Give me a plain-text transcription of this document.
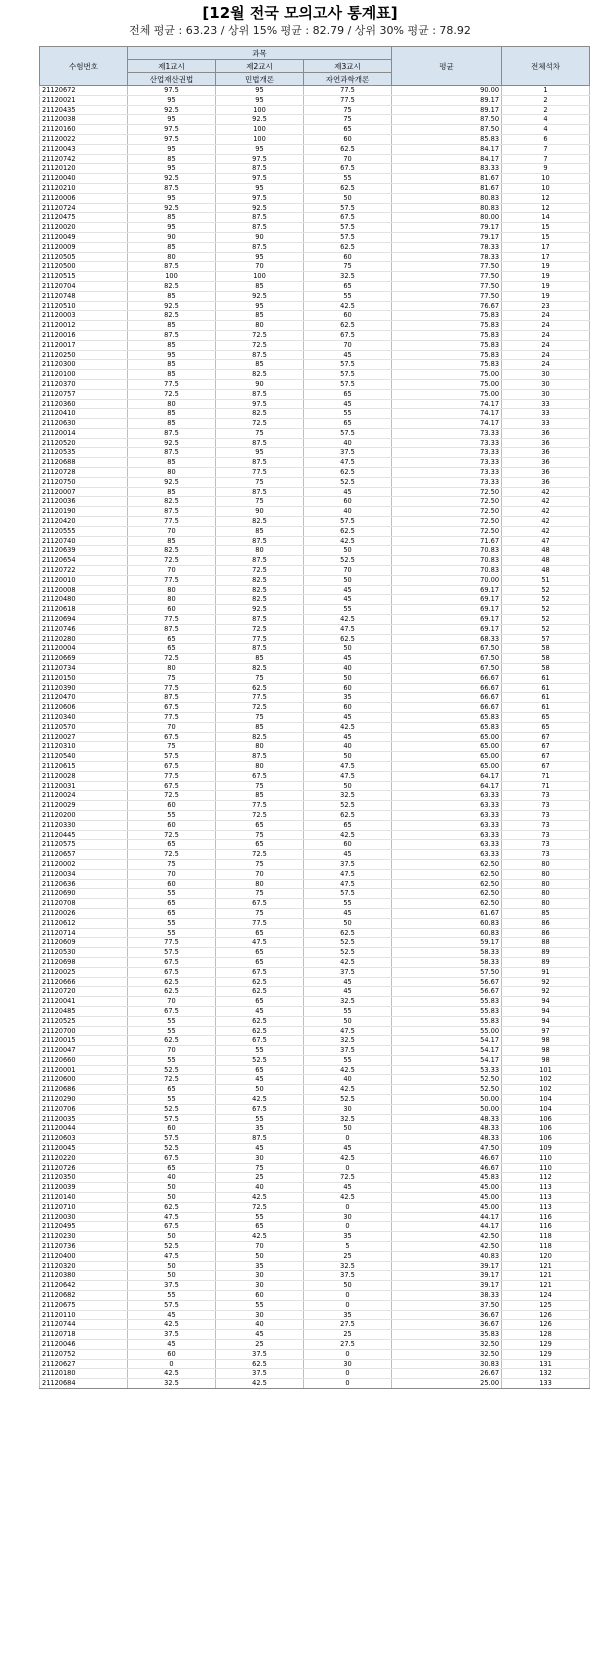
[12월 전국 모의고사 통계표]
전체 평균 : 63.23 / 상위 15% 평균 : 82.79 / 상위 30% 평균 : 78.92
수험번호	과목			평균	전체석차
	제1교시	제2교시	제3교시		
	산업재산권법	민법개론	자연과학개론		
21120672	97.5	95	77.5	90.00	1
21120021	95	95	77.5	89.17	2
21120435	92.5	100	75	89.17	2
21120038	95	92.5	75	87.50	4
21120160	97.5	100	65	87.50	4
21120022	97.5	100	60	85.83	6
21120043	95	95	62.5	84.17	7
21120742	85	97.5	70	84.17	7
21120120	95	87.5	67.5	83.33	9
21120040	92.5	97.5	55	81.67	10
21120210	87.5	95	62.5	81.67	10
21120006	95	97.5	50	80.83	12
21120724	92.5	92.5	57.5	80.83	12
21120475	85	87.5	67.5	80.00	14
21120020	95	87.5	57.5	79.17	15
21120049	90	90	57.5	79.17	15
21120009	85	87.5	62.5	78.33	17
21120505	80	95	60	78.33	17
21120500	87.5	70	75	77.50	19
21120515	100	100	32.5	77.50	19
21120704	82.5	85	65	77.50	19
21120748	85	92.5	55	77.50	19
21120510	92.5	95	42.5	76.67	23
21120003	82.5	85	60	75.83	24
21120012	85	80	62.5	75.83	24
21120016	87.5	72.5	67.5	75.83	24
21120017	85	72.5	70	75.83	24
21120250	95	87.5	45	75.83	24
21120300	85	85	57.5	75.83	24
21120100	85	82.5	57.5	75.00	30
21120370	77.5	90	57.5	75.00	30
21120757	72.5	87.5	65	75.00	30
21120360	80	97.5	45	74.17	33
21120410	85	82.5	55	74.17	33
21120630	85	72.5	65	74.17	33
21120014	87.5	75	57.5	73.33	36
21120520	92.5	87.5	40	73.33	36
21120535	87.5	95	37.5	73.33	36
21120688	85	87.5	47.5	73.33	36
21120728	80	77.5	62.5	73.33	36
21120750	92.5	75	52.5	73.33	36
21120007	85	87.5	45	72.50	42
21120036	82.5	75	60	72.50	42
21120190	87.5	90	40	72.50	42
21120420	77.5	82.5	57.5	72.50	42
21120555	70	85	62.5	72.50	42
21120740	85	87.5	42.5	71.67	47
21120639	82.5	80	50	70.83	48
21120654	72.5	87.5	52.5	70.83	48
21120722	70	72.5	70	70.83	48
21120010	77.5	82.5	50	70.00	51
21120008	80	82.5	45	69.17	52
21120480	80	82.5	45	69.17	52
21120618	60	92.5	55	69.17	52
21120694	77.5	87.5	42.5	69.17	52
21120746	87.5	72.5	47.5	69.17	52
21120280	65	77.5	62.5	68.33	57
21120004	65	87.5	50	67.50	58
21120669	72.5	85	45	67.50	58
21120734	80	82.5	40	67.50	58
21120150	75	75	50	66.67	61
21120390	77.5	62.5	60	66.67	61
21120470	87.5	77.5	35	66.67	61
21120606	67.5	72.5	60	66.67	61
21120340	77.5	75	45	65.83	65
21120570	70	85	42.5	65.83	65
21120027	67.5	82.5	45	65.00	67
21120310	75	80	40	65.00	67
21120540	57.5	87.5	50	65.00	67
21120615	67.5	80	47.5	65.00	67
21120028	77.5	67.5	47.5	64.17	71
21120031	67.5	75	50	64.17	71
21120024	72.5	85	32.5	63.33	73
21120029	60	77.5	52.5	63.33	73
21120200	55	72.5	62.5	63.33	73
21120330	60	65	65	63.33	73
21120445	72.5	75	42.5	63.33	73
21120575	65	65	60	63.33	73
21120657	72.5	72.5	45	63.33	73
21120002	75	75	37.5	62.50	80
21120034	70	70	47.5	62.50	80
21120636	60	80	47.5	62.50	80
21120690	55	75	57.5	62.50	80
21120708	65	67.5	55	62.50	80
21120026	65	75	45	61.67	85
21120612	55	77.5	50	60.83	86
21120714	55	65	62.5	60.83	86
21120609	77.5	47.5	52.5	59.17	88
21120530	57.5	65	52.5	58.33	89
21120698	67.5	65	42.5	58.33	89
21120025	67.5	67.5	37.5	57.50	91
21120666	62.5	62.5	45	56.67	92
21120720	62.5	62.5	45	56.67	92
21120041	70	65	32.5	55.83	94
21120485	67.5	45	55	55.83	94
21120525	55	62.5	50	55.83	94
21120700	55	62.5	47.5	55.00	97
21120015	62.5	67.5	32.5	54.17	98
21120047	70	55	37.5	54.17	98
21120660	55	52.5	55	54.17	98
21120001	52.5	65	42.5	53.33	101
21120600	72.5	45	40	52.50	102
21120686	65	50	42.5	52.50	102
21120290	55	42.5	52.5	50.00	104
21120706	52.5	67.5	30	50.00	104
21120035	57.5	55	32.5	48.33	106
21120044	60	35	50	48.33	106
21120603	57.5	87.5	0	48.33	106
21120045	52.5	45	45	47.50	109
21120220	67.5	30	42.5	46.67	110
21120726	65	75	0	46.67	110
21120350	40	25	72.5	45.83	112
21120039	50	40	45	45.00	113
21120140	50	42.5	42.5	45.00	113
21120710	62.5	72.5	0	45.00	113
21120030	47.5	55	30	44.17	116
21120495	67.5	65	0	44.17	116
21120230	50	42.5	35	42.50	118
21120736	52.5	70	5	42.50	118
21120400	47.5	50	25	40.83	120
21120320	50	35	32.5	39.17	121
21120380	50	30	37.5	39.17	121
21120642	37.5	30	50	39.17	121
21120682	55	60	0	38.33	124
21120675	57.5	55	0	37.50	125
21120110	45	30	35	36.67	126
21120744	42.5	40	27.5	36.67	126
21120718	37.5	45	25	35.83	128
21120046	45	25	27.5	32.50	129
21120752	60	37.5	0	32.50	129
21120627	0	62.5	30	30.83	131
21120180	42.5	37.5	0	26.67	132
21120684	32.5	42.5	0	25.00	133
